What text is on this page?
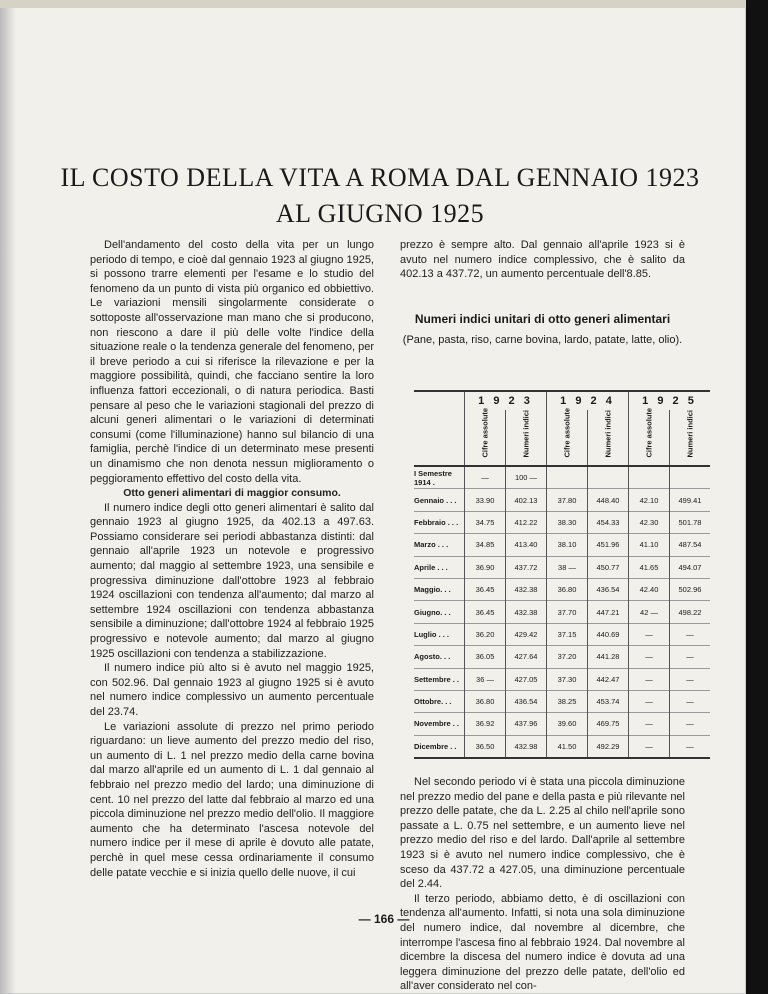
IL COSTO DELLA VITA A ROMA DAL GENNAIO 1923 AL GIUGNO 1925

Dell'andamento del costo della vita per un lungo periodo di tempo, e cioè dal gennaio 1923 al giugno 1925, si possono trarre elementi per l'esame e lo studio del fenomeno da un punto di vista più organico ed obbiettivo. Le variazioni mensili singolarmente considerate o sottoposte all'osservazione man mano che si producono, non riescono a dare il più delle volte l'indice della situazione reale o la tendenza generale del fenomeno, per il breve periodo a cui si riferisce la rilevazione e per la maggiore possibilità, quindi, che facciano sentire la loro influenza fattori eccezionali, o di natura periodica. Basti pensare al peso che le variazioni stagionali del prezzo di alcuni generi alimentari o le variazioni di determinati consumi (come l'illuminazione) hanno sul bilancio di una famiglia, perchè l'indice di un determinato mese presenti un dinamismo che non denota nessun miglioramento o peggioramento effettivo del costo della vita.

Otto generi alimentari di maggior consumo.

Il numero indice degli otto generi alimentari è salito dal gennaio 1923 al giugno 1925, da 402.13 a 497.63. Possiamo considerare sei periodi abbastanza distinti: dal gennaio all'aprile 1923 un notevole e progressivo aumento; dal maggio al settembre 1923, una sensibile e progressiva diminuzione dall'ottobre 1923 al febbraio 1924 oscillazioni con tendenza all'aumento; dal marzo al settembre 1924 oscillazioni con tendenza abbastanza sensibile a diminuzione; dall'ottobre 1924 al febbraio 1925 progressivo e notevole aumento; dal marzo al giugno 1925 oscillazioni con tendenza a stabilizzazione.

Il numero indice più alto si è avuto nel maggio 1925, con 502.96. Dal gennaio 1923 al giugno 1925 si è avuto nel numero indice complessivo un aumento percentuale del 23.74.

Le variazioni assolute di prezzo nel primo periodo riguardano: un lieve aumento del prezzo medio del riso, un aumento di L. 1 nel prezzo medio della carne bovina dal marzo all'aprile ed un aumento di L. 1 dal gennaio al febbraio nel prezzo medio del lardo; una diminuzione di cent. 10 nel prezzo del latte dal febbraio al marzo ed una piccola diminuzione nel prezzo medio dell'olio. Il maggiore aumento che ha determinato l'ascesa notevole del numero indice per il mese di aprile è dovuto alle patate, perchè in quel mese cessa ordinariamente il consumo delle patate vecchie e si inizia quello delle nuove, il cui

prezzo è sempre alto. Dal gennaio all'aprile 1923 si è avuto nel numero indice complessivo, che è salito da 402.13 a 437.72, un aumento percentuale dell'8.85.

Numeri indici unitari di otto generi alimentari
(Pane, pasta, riso, carne bovina, lardo, patate, latte, olio).
	1 9 2 3		1 9 2 4		1 9 2 5	
	Cifre assolute	Numeri indici	Cifre assolute	Numeri indici	Cifre assolute	Numeri indici
I Semestre 1914 .	—	100 —				
Gennaio . . .	33.90	402.13	37.80	448.40	42.10	499.41
Febbraio . . .	34.75	412.22	38.30	454.33	42.30	501.78
Marzo . . .	34.85	413.40	38.10	451.96	41.10	487.54
Aprile . . .	36.90	437.72	38 —	450.77	41.65	494.07
Maggio. . .	36.45	432.38	36.80	436.54	42.40	502.96
Giugno. . .	36.45	432.38	37.70	447.21	42 —	498.22
Luglio . . .	36.20	429.42	37.15	440.69	—	—
Agosto. . .	36.05	427.64	37.20	441.28	—	—
Settembre . .	36 —	427.05	37.30	442.47	—	—
Ottobre. . .	36.80	436.54	38.25	453.74	—	—
Novembre . .	36.92	437.96	39.60	469.75	—	—
Dicembre . .	36.50	432.98	41.50	492.29	—	—

Nel secondo periodo vi è stata una piccola diminuzione nel prezzo medio del pane e della pasta e più rilevante nel prezzo delle patate, che da L. 2.25 al chilo nell'aprile sono passate a L. 0.75 nel settembre, e un aumento lieve nel prezzo medio del riso e del lardo. Dall'aprile al settembre 1923 si è avuto nel numero indice complessivo, che è sceso da 437.72 a 427.05, una diminuzione percentuale del 2.44.

Il terzo periodo, abbiamo detto, è di oscillazioni con tendenza all'aumento. Infatti, si nota una sola diminuzione del numero indice, dal novembre al dicembre, che interrompe l'ascesa fino al febbraio 1924. Dal novembre al dicembre la discesa del numero indice è dovuta ad una leggera diminuzione del prezzo delle patate, dell'olio ed all'aver considerato nel con-

— 166 —
